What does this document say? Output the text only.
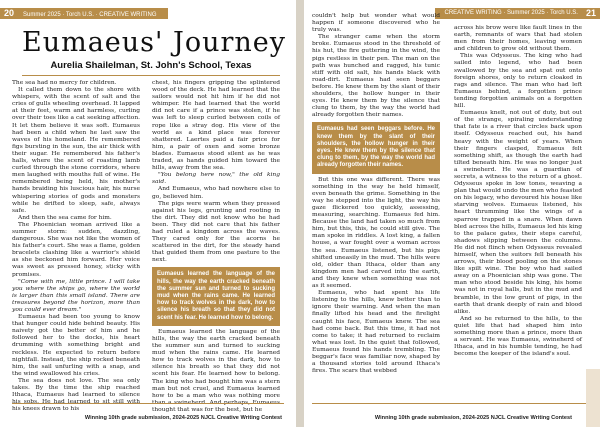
20 Summer 2025 · Torch U.S. · CREATIVE WRITING
Eumaeus' Journey
Aurelia Shailelman, St. John's School, Texas

The sea had no mercy for children.

It called them down to the shore with whispers, with the scent of salt and the cries of gulls wheeling overhead. It lapped at their feet, warm and harmless, curling over their toes like a cat seeking affection. It let them believe it was soft. Eumaeus had been a child when he last saw the waves of his homeland. He remembered figs bursting in the sun, the air thick with their sugar. He remembered his father's halls, where the scent of roasting lamb curled through the stone corridors, where men laughed with mouths full of wine. He remembered being held, his mother's hands braiding his luscious hair, his nurse whispering stories of gods and monsters while he drifted to sleep, safe, always safe.

And then the sea came for him.

The Phoenician woman arrived like a summer storm: sudden, dazzling, dangerous. She was not like the women of his father's court. She was a flame, golden bracelets clashing like a warrior's shield as she beckoned him forward. Her voice was sweet as pressed honey, sticky with promises.

"Come with me, little prince. I will take you where the ships go, where the world is larger than this small island. There are treasures beyond the horizon, more than you could ever dream."

Eumaeus had been too young to know that hunger could hide behind beauty. His naivety got the better of him and he followed her to the docks, his heart drumming with something bright and reckless. He expected to return before nightfall. Instead, the ship rocked beneath him, the sail unfurling with a snap, and the wind swallowed his cries.

The sea does not love. The sea only takes. By the time the ship reached Ithaca, Eumaeus had learned to silence his knees drawn to his

chest, his fingers gripping the splintered wood of the deck. He had learned that the sailors would not hit him if he did not whimper. He had learned that the world did not care if a prince was stolen, if he was left to sleep curled between coils of rope like a stray dog. His view of the world as a kind place was forever shattered. Laertes paid a fair price for him, a pair of oxen and some bronze blades. Eumaeus stood silent as he was traded, as hands guided him toward the hills, away from the sea.

"You belong here now," the old king said.

And Eumaeus, who had nowhere else to go, believed him.

The pigs were warm when they pressed against his legs, grunting and rooting in the dirt. They did not know who he had been. They did not care that his father had ruled a kingdom across the waves. They cared only for the acorns he scattered in the dirt, for the steady hand that guided them from one pasture to the next.

Eumaeus learned the language of the hills, the way the earth cracked beneath the summer sun and turned to sucking mud when the rains came. He learned how to track wolves in the dark, how to silence his breath so that they did not scent his fear. He learned how to belong.

Eumaeus learned the language of the hills, the way the earth cracked beneath the summer sun and turned to sucking mud when the rains came. He learned how to track wolves in the dark, how to silence his breath so that they did not scent his fear. He learned how to belong. The king who had bought him was a stern man but not cruel, and Eumaeus learned how to be a man who was nothing more thought that was for the best, but he

Winning 10th grade submission, 2024-2025 NJCL Creative Writing Contest
21
CREATIVE WRITING · Summer 2025 · Torch U.S.

couldn't help but wonder what would happen if someone discovered who he truly was.

The stranger came when the storm broke. Eumaeus stood in the threshold of his hut, the fire guttering in the wind, the pigs restless in their pen. The man on the path was hunched and ragged, his tunic stiff with old salt, his hands black with road-dirt. Eumaeus had seen beggars before. He knew them by the slant of their shoulders, the hollow hunger in their eyes. He knew them by the silence that clung to them, by the way the world had already forgotten their names.

Eumaeus had seen beggars before. He knew them by the slant of their shoulders, the hollow hunger in their eyes. He knew them by the silence that clung to them, by the way the world had already forgotten their names.

But this one was different. There was something in the way he held himself, even beneath the grime. Something in the way he stepped into the light, the way his gaze flickered too quickly, assessing, measuring, searching. Eumaeus fed him. Because the land had taken so much from him, but this, this, he could still give. The man spoke in riddles. A lost king, a fallen house, a war fought over a woman across the sea. Eumaeus listened, but his pigs shifted uneasily in the mud. The hills were old, older than Ithaca, older than any kingdom men had carved into the earth, and they knew when something was not as it seemed.

Eumaeus, who had spent his life listening to the hills, knew better than to ignore their warning. And when the man finally lifted his head and the firelight caught his face, Eumaeus knew. The sea had come back. But this time, it had not come to take; it had returned to reclaim what was lost. In the quiet that followed, Eumaeus found his hands trembling. The beggar's face was familiar now, shaped by a thousand stories told around Ithaca's fires. The scars that webbed

across his brow were like fault lines in the earth, remnants of wars that had stolen men from their homes, leaving women and children to grow old without them.

This was Odysseus. The king who had sailed into legend, who had been swallowed by the sea and spat out onto foreign shores, only to return cloaked in rags and silence. The man who had left Eumaeus behind, a forgotten prince tending forgotten animals on a forgotten hill.

Eumaeus knelt, not out of duty, but out of the strange, spiraling understanding that fate is a river that circles back upon itself. Odysseus reached out, his hand heavy with the weight of years. When their fingers clasped, Eumaeus felt something shift, as though the earth had tilted beneath him. He was no longer just a swineherd. He was a guardian of secrets, a witness to the return of a ghost. Odysseus spoke in low tones, weaving a plan that would undo the men who feasted on his legacy, who devoured his house like starving wolves. Eumaeus listened, his heart thrumming like the wings of a sparrow trapped in a snare. When dawn bled across the hills, Eumaeus led his king to the palace gates, their steps careful, shadows slipping between the columns. He did not flinch when Odysseus revealed himself, when the suitors fell beneath his arrows, their blood pooling on the stones like spilt wine. The boy who had sailed away on a Phoenician ship was gone. The man who stood beside his king, his home was not in royal halls, but in the mud and bramble, in the low grunt of pigs, in the earth that drank deeply of rain and blood alike.

And so he returned to the hills, to the quiet life that had shaped him into something more than a prince, more than a servant. He was Eumaeus, swineherd of Ithaca, and in his humble tending, he had become the keeper of the island's soul.

Winning 10th grade submission, 2024-2025 NJCL Creative Writing Contest
